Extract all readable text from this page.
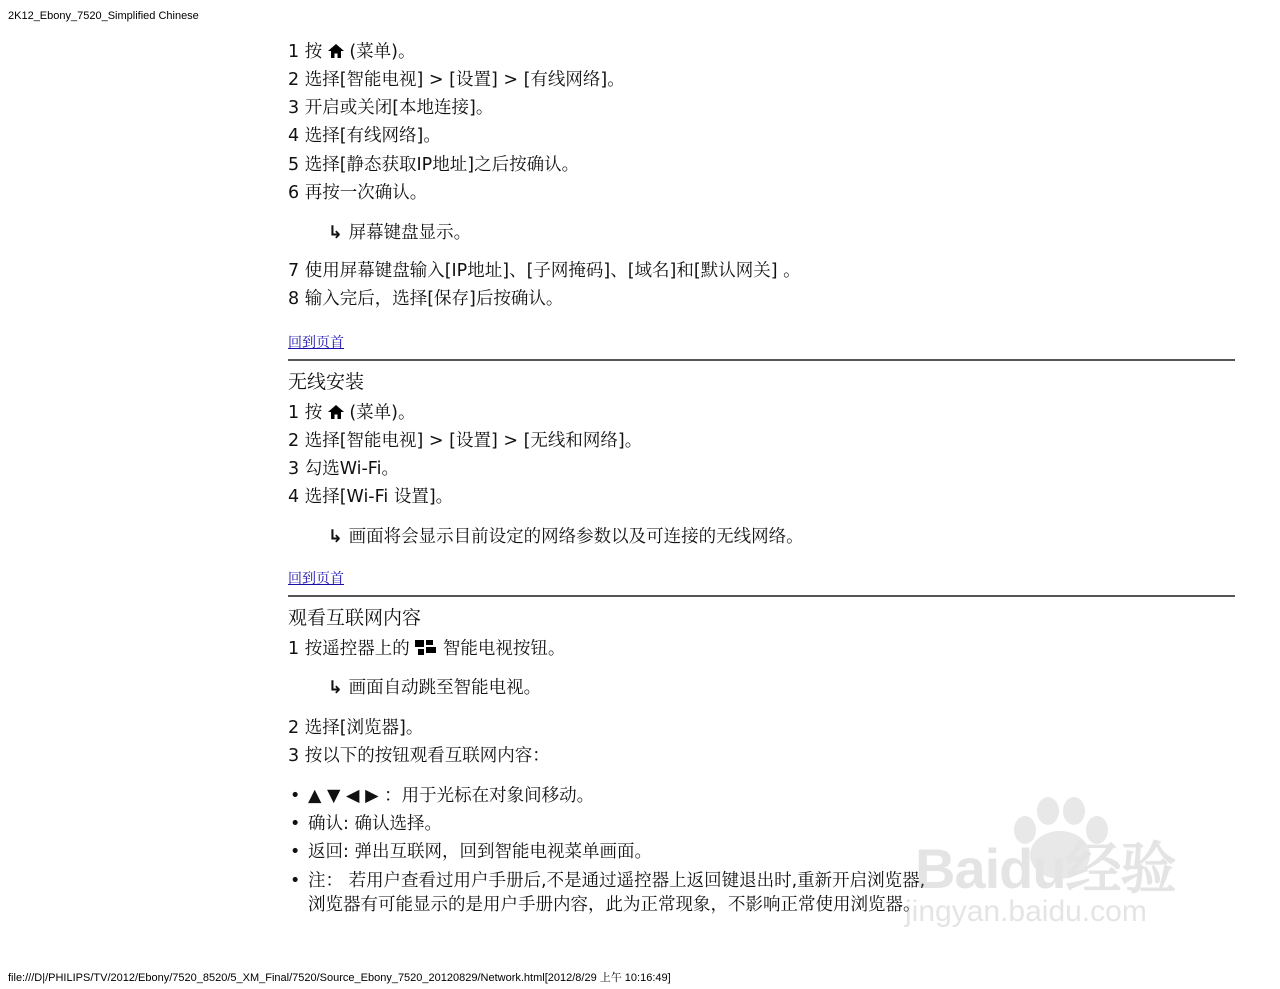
2K12_Ebony_7520_Simplified Chinese
1 按  (菜单)。
2 选择[智能电视] > [设置] > [有线网络]。
3 开启或关闭[本地连接]。
4 选择[有线网络]。
5 选择[静态获取IP地址]之后按确认。
6 再按一次确认。
↳ 屏幕键盘显示。
7 使用屏幕键盘输入[IP地址]、[子网掩码]、[域名]和[默认网关] 。
8 输入完后，选择[保存]后按确认。
回到页首
无线安装
1 按  (菜单)。
2 选择[智能电视] > [设置] > [无线和网络]。
3 勾选Wi-Fi。
4 选择[Wi-Fi 设置]。
↳ 画面将会显示目前设定的网络参数以及可连接的无线网络。
回到页首
观看互联网内容
1 按遥控器上的  智能电视按钮。
↳ 画面自动跳至智能电视。
2 选择[浏览器]。
3 按以下的按钮观看互联网内容：
• ▲ ▼ ◀ ▶ ：用于光标在对象间移动。
• 确认: 确认选择。
• 返回: 弹出互联网，回到智能电视菜单画面。
• 注： 若用户查看过用户手册后,不是通过遥控器上返回键退出时,重新开启浏览器,
浏览器有可能显示的是用户手册内容，此为正常现象，不影响正常使用浏览器。
Baidu经验
jingyan.baidu.com
file:///D|/PHILIPS/TV/2012/Ebony/7520_8520/5_XM_Final/7520/Source_Ebony_7520_20120829/Network.html[2012/8/29 上午 10:16:49]
